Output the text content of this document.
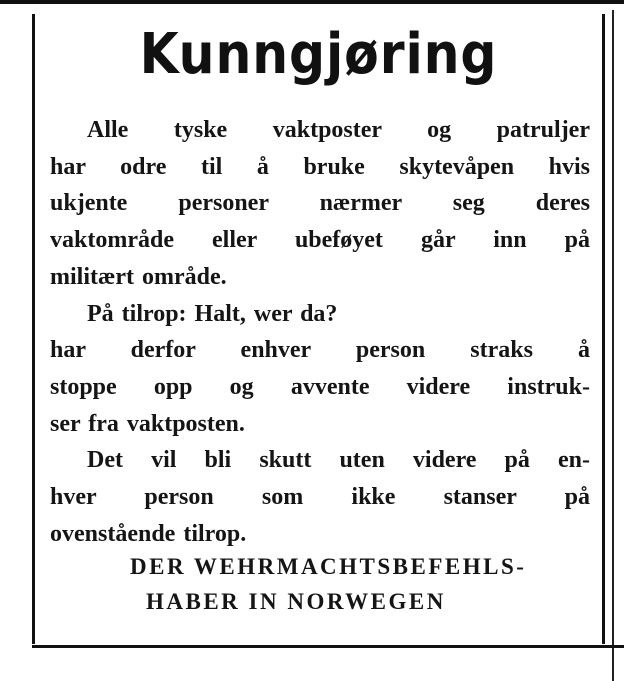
Kunngjøring
Alle tyske vaktposter og patruljer
har odre til å bruke skytevåpen hvis
ukjente personer nærmer seg deres
vaktområde eller ubeføyet går inn på
militært område.
På tilrop: Halt, wer da?
har derfor enhver person straks å
stoppe opp og avvente videre instruk-
ser fra vaktposten.
Det vil bli skutt uten videre på en-
hver person som ikke stanser på
ovenstående tilrop.
DER WEHRMACHTSBEFEHLS-
HABER IN NORWEGEN
